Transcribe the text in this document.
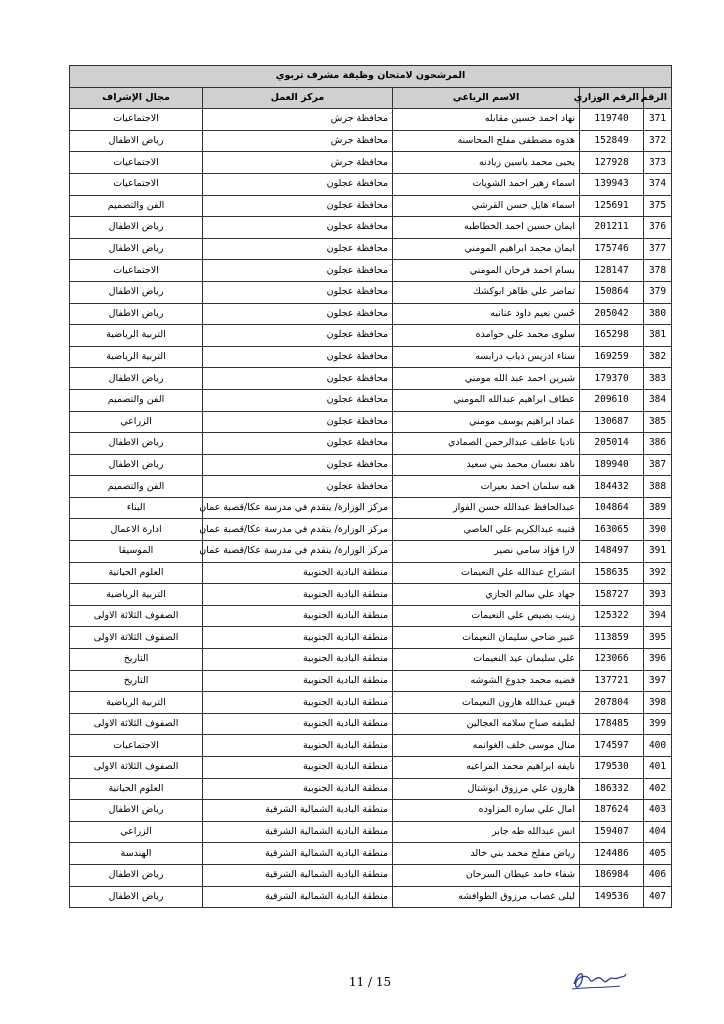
المرشحون لامتحان وظيفة مشرف تربوي				
الرقم	الرقم الوزاري	الاسم الرباعي	مركز العمل	مجال الإشراف
371	119740	نهاد احمد حسين مقابله	محافظة جرش	الاجتماعيات
372	152849	هدوه مصطفى مفلح المحاسنه	محافظة جرش	رياض الاطفال
373	127928	يحيى محمد ياسين زيادنه	محافظة جرش	الاجتماعيات
374	139943	اسماء زهير احمد الشويات	محافظة عجلون	الاجتماعيات
375	125691	اسماء هايل حسن القرشي	محافظة عجلون	الفن والتصميم
376	201211	ايمان حسين احمد الخطاطبه	محافظة عجلون	رياض الاطفال
377	175746	ايمان محمد ابراهيم المومني	محافظة عجلون	رياض الاطفال
378	128147	بسام احمد فرحان المومني	محافظة عجلون	الاجتماعيات
379	150864	تماضر علي طاهر ابوكشك	محافظة عجلون	رياض الاطفال
380	205042	حُسن نعيم داود عنانبه	محافظة عجلون	رياض الاطفال
381	165298	سلوى محمد علي حوامده	محافظة عجلون	التربية الرياضية
382	169259	سناء ادريس ذياب درابسه	محافظة عجلون	التربية الرياضية
383	179370	شيرين احمد عبد الله مومني	محافظة عجلون	رياض الاطفال
384	209610	عطاف ابراهيم عبدالله المومني	محافظة عجلون	الفن والتصميم
385	130687	عماد ابراهيم يوسف مومني	محافظة عجلون	الزراعي
386	205014	ناديا عاطف عبدالرحمن الصمادي	محافظة عجلون	رياض الاطفال
387	189940	ناهد نعسان محمد بني سعيد	محافظة عجلون	رياض الاطفال
388	184432	هبه سلمان احمد بعيرات	محافظة عجلون	الفن والتصميم
389	104864	عبدالحافظ عبدالله حسن الفواز	مركز الوزارة/ يتقدم في مدرسة عكا/قصبة عمان	البناء
390	163065	قتيبه عبدالكريم علي العاصي	مركز الوزارة/ يتقدم في مدرسة عكا/قصبة عمان	ادارة الاعمال
391	148497	لارا فؤاد سامي نصير	مركز الوزارة/ يتقدم في مدرسة عكا/قصبة عمان	الموسيقا
392	158635	انشراح عبدالله علي النعيمات	منطقة البادية الجنوبية	العلوم الحياتية
393	158727	جهاد علي سالم الجازي	منطقة البادية الجنوبية	التربية الرياضية
394	125322	زينب بصيص علي النعيمات	منطقة البادية الجنوبية	الصفوف الثلاثة الاولى
395	113859	عبير ضاحي سليمان النعيمات	منطقة البادية الجنوبية	الصفوف الثلاثة الاولى
396	123066	علي سليمان عيد النعيمات	منطقة البادية الجنوبية	التاريخ
397	137721	فضيه محمد جدوع الشوشه	منطقة البادية الجنوبية	التاريخ
398	207804	قيس عبدالله هارون النعيمات	منطقة البادية الجنوبية	التربية الرياضية
399	178485	لطيفه صباح سلامه العجالين	منطقة البادية الجنوبية	الصفوف الثلاثة الاولى
400	174597	منال موسى خلف الغوانمه	منطقة البادية الجنوبية	الاجتماعيات
401	179530	نايفه ابراهيم محمد المراعيه	منطقة البادية الجنوبية	الصفوف الثلاثة الاولى
402	186332	هارون علي مرزوق ابوشتال	منطقة البادية الجنوبية	العلوم الحياتية
403	187624	امال علي ساره المزاوده	منطقة البادية الشمالية الشرقية	رياض الاطفال
404	159407	انس عبدالله طه جابر	منطقة البادية الشمالية الشرقية	الزراعي
405	124486	رياض مفلح محمد بني خالد	منطقة البادية الشمالية الشرقية	الهندسة
406	186984	شفاء حامد عيطان السرحان	منطقة البادية الشمالية الشرقية	رياض الاطفال
407	149536	ليلى غصاب مرزوق الطوافشه	منطقة البادية الشمالية الشرقية	رياض الاطفال
11 / 15
